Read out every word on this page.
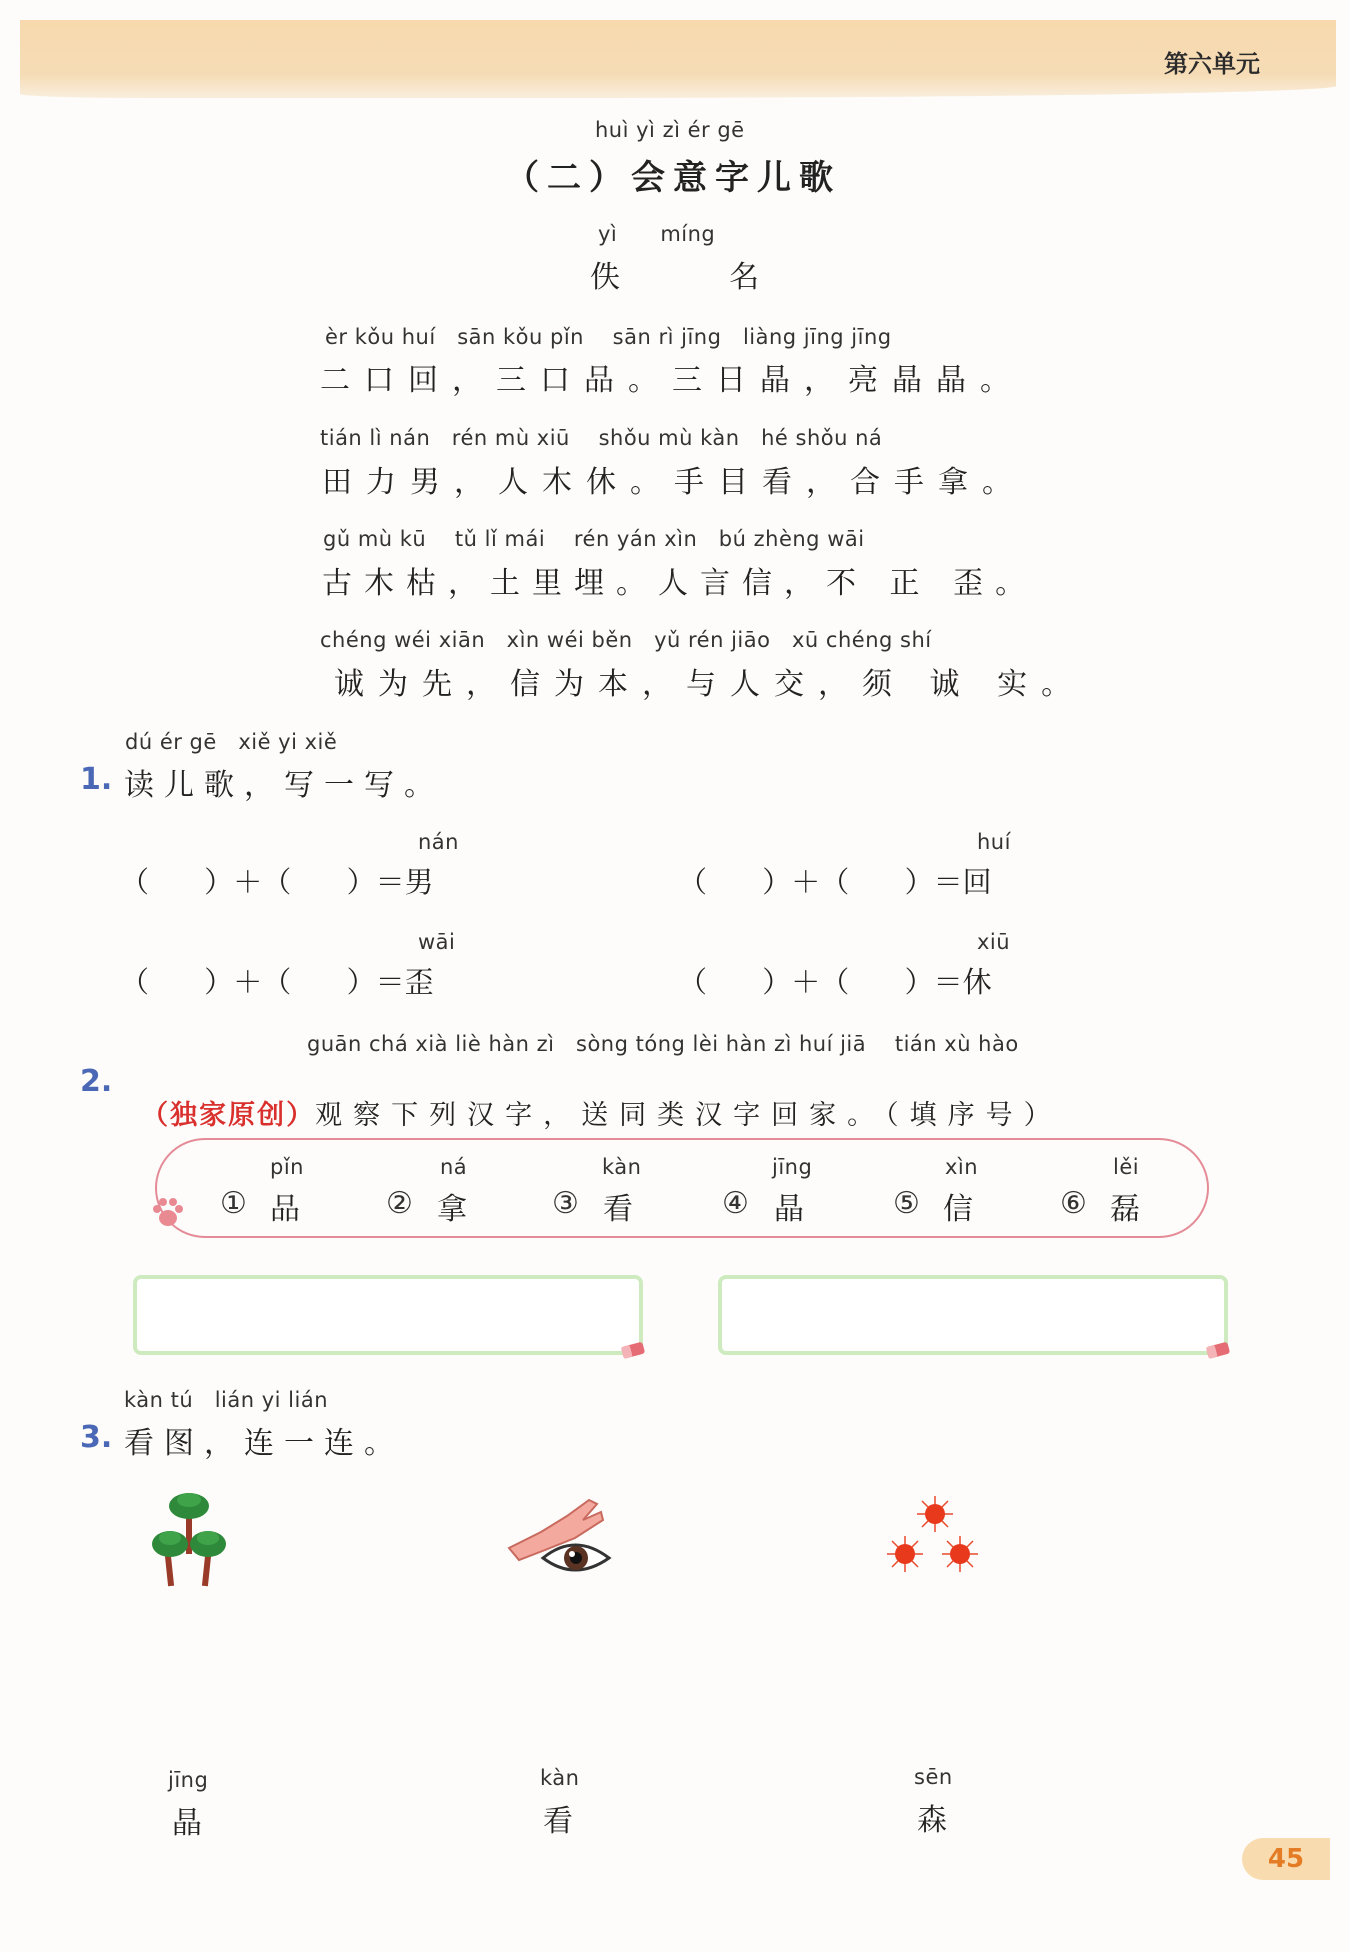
第六单元
huì yì zì ér gē
（二）会意字儿歌
yì      míng
佚  名
èr kǒu huí   sān kǒu pǐn    sān rì jīng   liàng jīng jīng
二口回，三口品。三日晶，亮晶晶。
tián lì nán   rén mù xiū    shǒu mù kàn   hé shǒu ná
田力男，人木休。手目看，合手拿。
gǔ mù kū    tǔ lǐ mái    rén yán xìn   bú zhèng wāi
古木枯，土里埋。人言信，不 正 歪。
chéng wéi xiān   xìn wéi běn   yǔ rén jiāo   xū chéng shí
诚为先，信为本，与人交，须 诚 实。
dú ér gē   xiě yi xiě
1. 读儿歌，写一写。
nán
（      ）＋（      ）＝男
huí
（      ）＋（      ）＝回
wāi
（      ）＋（      ）＝歪
xiū
（      ）＋（      ）＝休
guān chá xià liè hàn zì   sòng tóng lèi hàn zì huí jiā    tián xù hào
2.

（独家原创）观察下列汉字，送同类汉字回家。（填序号）

pǐn
① 品
ná
② 拿
kàn
③ 看
jīng
④ 晶
xìn
⑤ 信
lěi
⑥ 磊
kàn tú   lián yi lián
3. 看图，连一连。
jīng
晶
kàn
看
sēn
森
45
